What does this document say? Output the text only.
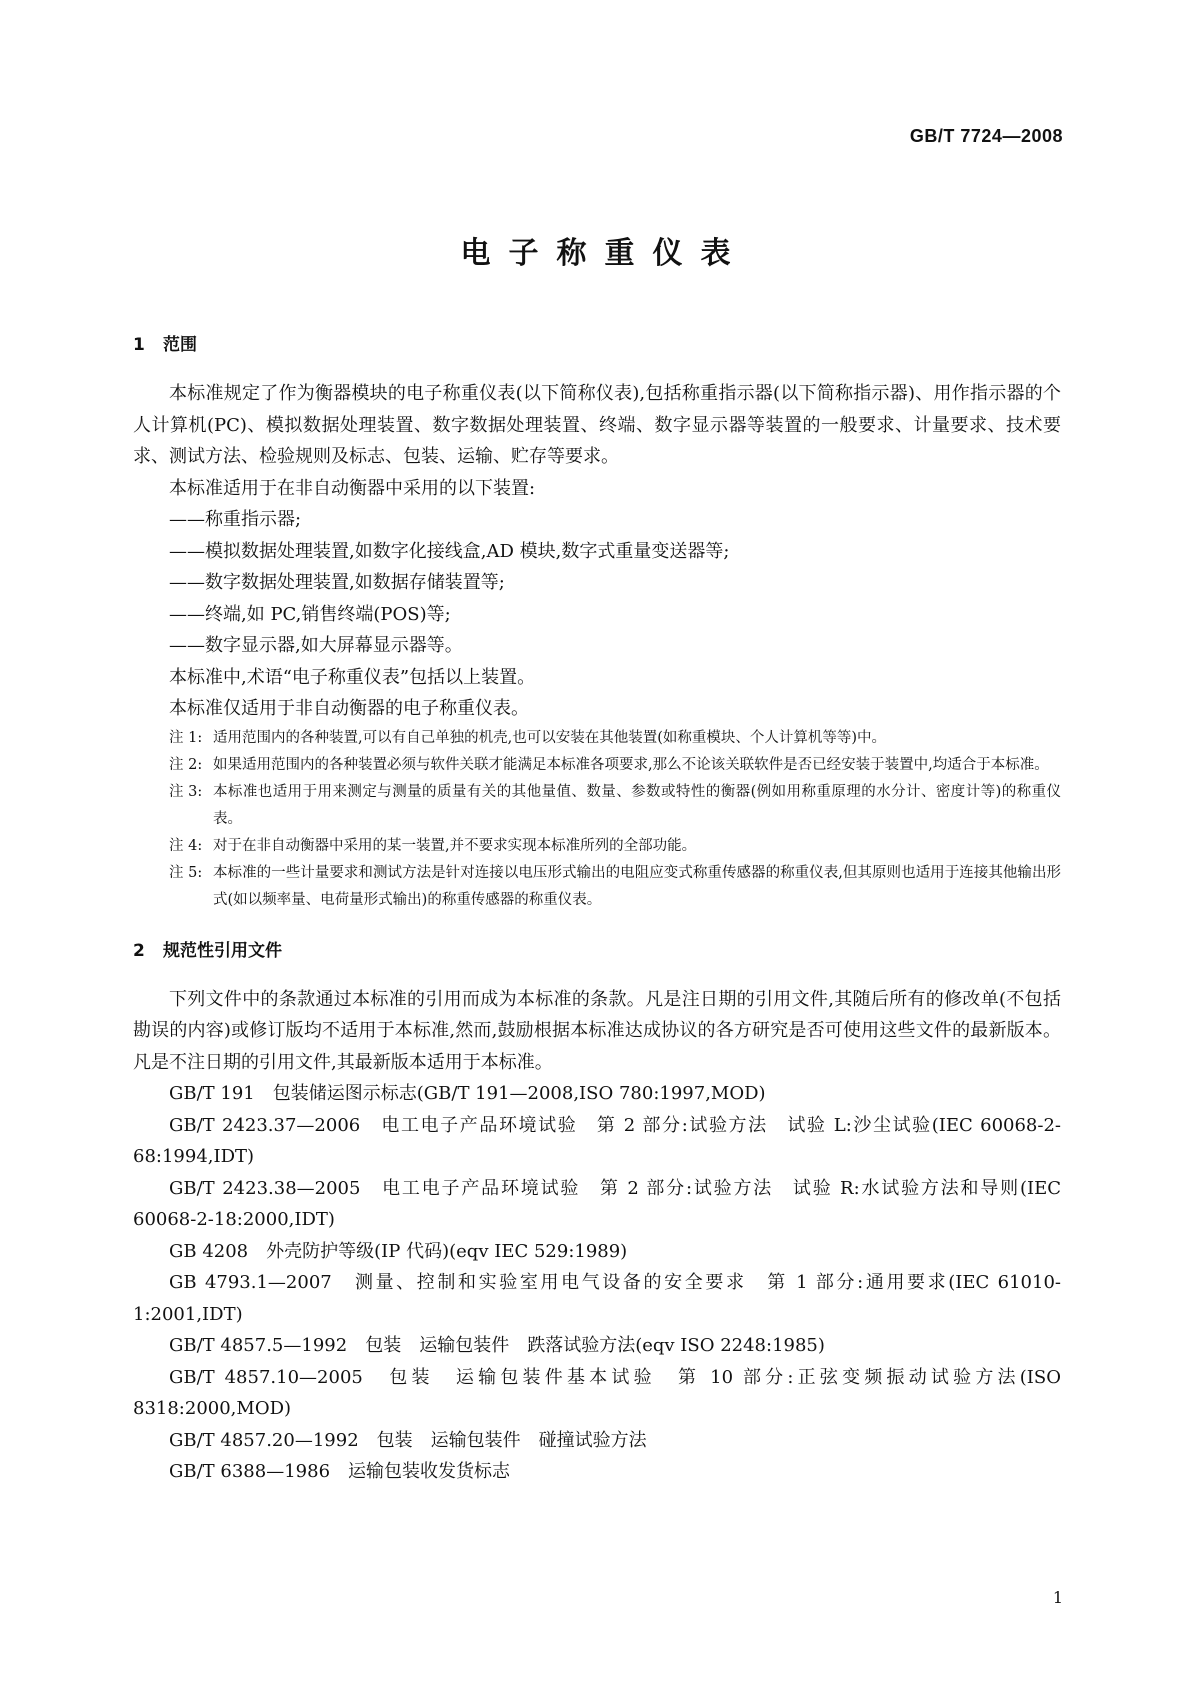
GB/T 7724—2008
电子称重仪表
1 范围

本标准规定了作为衡器模块的电子称重仪表(以下简称仪表),包括称重指示器(以下简称指示器)、用作指示器的个人计算机(PC)、模拟数据处理装置、数字数据处理装置、终端、数字显示器等装置的一般要求、计量要求、技术要求、测试方法、检验规则及标志、包装、运输、贮存等要求。

本标准适用于在非自动衡器中采用的以下装置:

——称重指示器;

——模拟数据处理装置,如数字化接线盒,AD 模块,数字式重量变送器等;

——数字数据处理装置,如数据存储装置等;

——终端,如 PC,销售终端(POS)等;

——数字显示器,如大屏幕显示器等。

本标准中,术语“电子称重仪表”包括以上装置。

本标准仅适用于非自动衡器的电子称重仪表。

注 1: 适用范围内的各种装置,可以有自己单独的机壳,也可以安装在其他装置(如称重模块、个人计算机等等)中。
注 2: 如果适用范围内的各种装置必须与软件关联才能满足本标准各项要求,那么不论该关联软件是否已经安装于装置中,均适合于本标准。
注 3: 本标准也适用于用来测定与测量的质量有关的其他量值、数量、参数或特性的衡器(例如用称重原理的水分计、密度计等)的称重仪表。
注 4: 对于在非自动衡器中采用的某一装置,并不要求实现本标准所列的全部功能。
注 5: 本标准的一些计量要求和测试方法是针对连接以电压形式输出的电阻应变式称重传感器的称重仪表,但其原则也适用于连接其他输出形式(如以频率量、电荷量形式输出)的称重传感器的称重仪表。
2 规范性引用文件

下列文件中的条款通过本标准的引用而成为本标准的条款。凡是注日期的引用文件,其随后所有的修改单(不包括勘误的内容)或修订版均不适用于本标准,然而,鼓励根据本标准达成协议的各方研究是否可使用这些文件的最新版本。凡是不注日期的引用文件,其最新版本适用于本标准。

GB/T 191　包装储运图示标志(GB/T 191—2008,ISO 780:1997,MOD)

GB/T 2423.37—2006　电工电子产品环境试验　第 2 部分:试验方法　试验 L:沙尘试验(IEC 60068-2-68:1994,IDT)

GB/T 2423.38—2005　电工电子产品环境试验　第 2 部分:试验方法　试验 R:水试验方法和导则(IEC 60068-2-18:2000,IDT)

GB 4208　外壳防护等级(IP 代码)(eqv IEC 529:1989)

GB 4793.1—2007　测量、控制和实验室用电气设备的安全要求　第 1 部分:通用要求(IEC 61010-1:2001,IDT)

GB/T 4857.5—1992　包装　运输包装件　跌落试验方法(eqv ISO 2248:1985)

GB/T 4857.10—2005　包装　运输包装件基本试验　第 10 部分:正弦变频振动试验方法(ISO 8318:2000,MOD)

GB/T 4857.20—1992　包装　运输包装件　碰撞试验方法

GB/T 6388—1986　运输包装收发货标志

1
